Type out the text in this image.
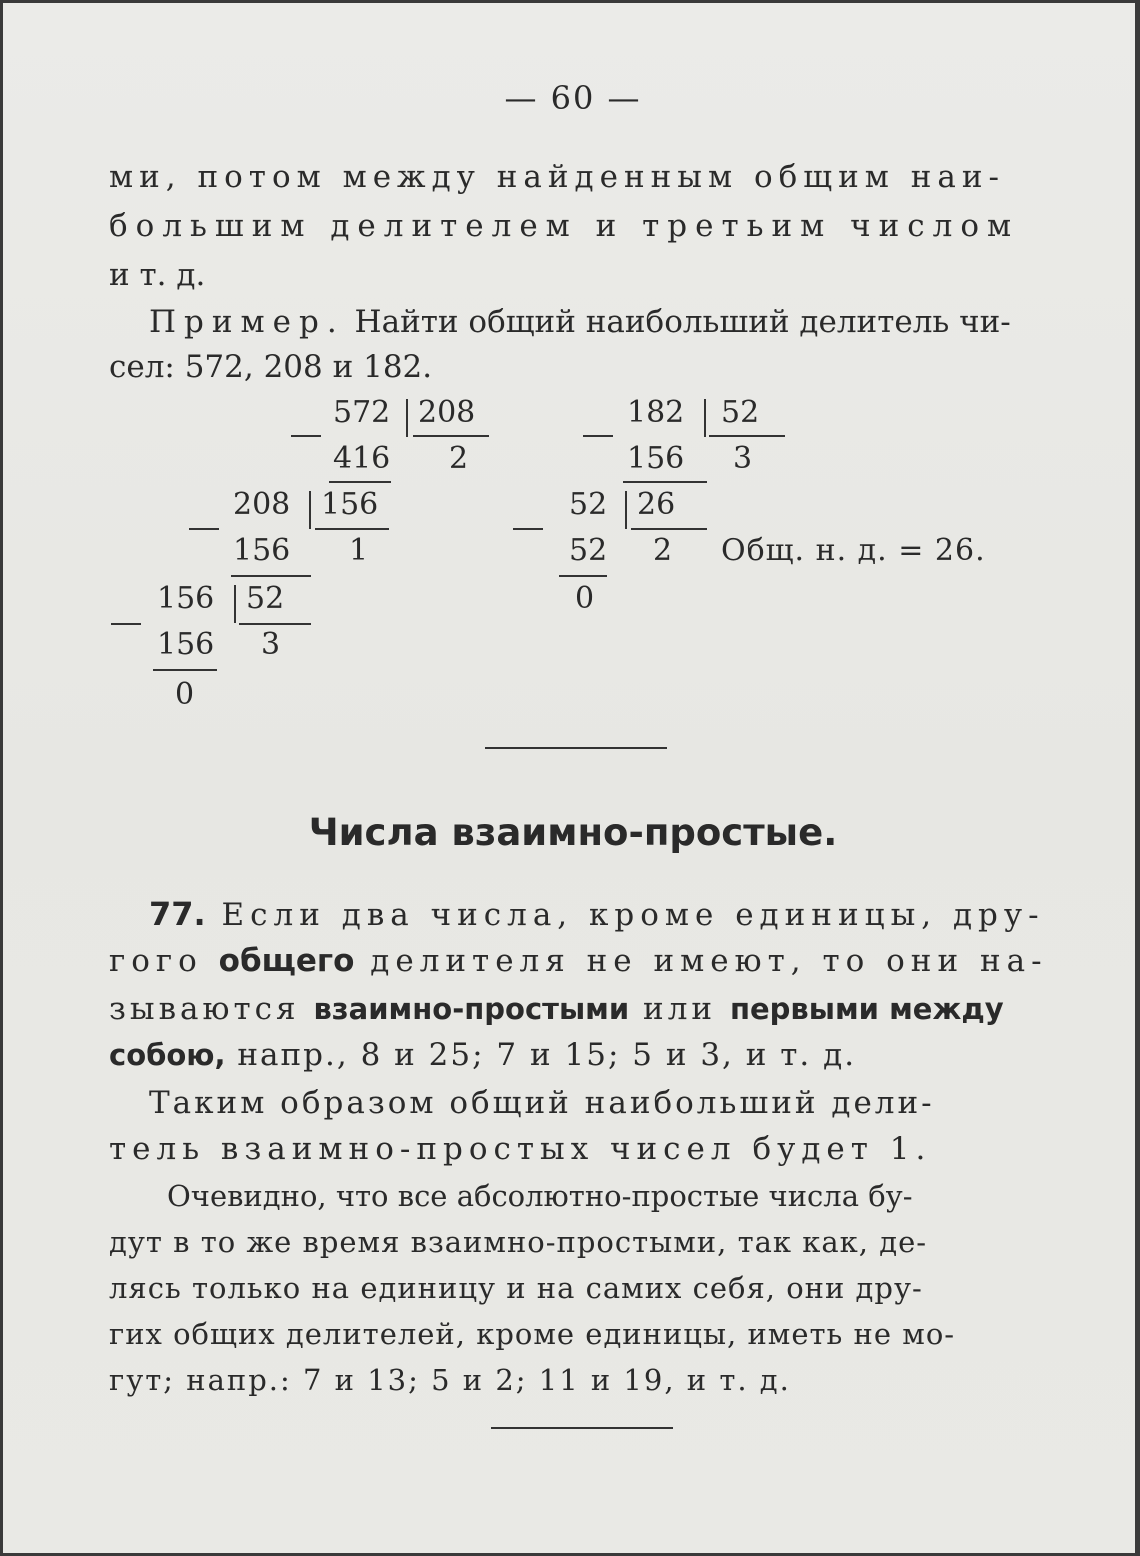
— 60 —
ми, потом между найденным общим наи-
большим делителем и третьим числом
и т. д.
Пример. Найти общий наибольший делитель чи-
сел: 572, 208 и 182.
572 208
416 2
208 156
156 1
156 52
156 3
0
182 52
156 3
52 26
52 2
0
Общ. н. д. = 26.
Числа взаимно-простые.
77. Если два числа, кроме единицы, дру-
гого общего делителя не имеют, то они на-
зываются взаимно-простыми или первыми между
собою, напр., 8 и 25; 7 и 15; 5 и 3, и т. д.
Таким образом общий наибольший дели-
тель взаимно-простых чисел будет 1.
Очевидно, что все абсолютно-простые числа бу-
дут в то же время взаимно-простыми, так как, де-
лясь только на единицу и на самих себя, они дру-
гих общих делителей, кроме единицы, иметь не мо-
гут; напр.: 7 и 13; 5 и 2; 11 и 19, и т. д.
